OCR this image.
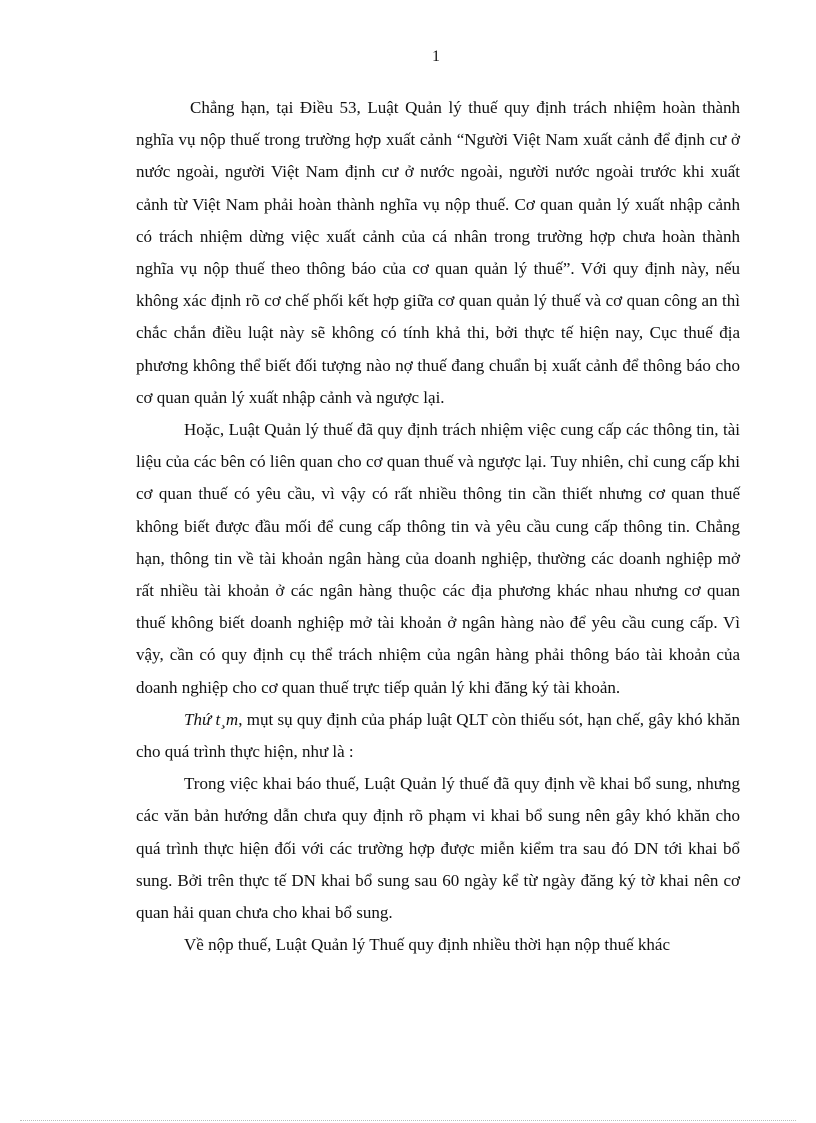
1

Chẳng hạn, tại Điều 53, Luật Quản lý thuế quy định trách nhiệm hoàn thành nghĩa vụ nộp thuế trong trường hợp xuất cảnh “Người Việt Nam xuất cảnh để định cư ở nước ngoài, người Việt Nam định cư ở nước ngoài, người nước ngoài trước khi xuất cảnh từ Việt Nam phải hoàn thành nghĩa vụ nộp thuế. Cơ quan quản lý xuất nhập cảnh có trách nhiệm dừng việc xuất cảnh của cá nhân trong trường hợp chưa hoàn thành nghĩa vụ nộp thuế theo thông báo của cơ quan quản lý thuế”. Với quy định này, nếu không xác định rõ cơ chế phối kết hợp giữa cơ quan quản lý thuế và cơ quan công an thì chắc chắn điều luật này sẽ không có tính khả thi, bởi thực tế hiện nay, Cục thuế địa phương không thể biết đối tượng nào nợ thuế đang chuẩn bị xuất cảnh để thông báo cho cơ quan quản lý xuất nhập cảnh và ngược lại.

Hoặc, Luật Quản lý thuế đã quy định trách nhiệm việc cung cấp các thông tin, tài liệu của các bên có liên quan cho cơ quan thuế và ngược lại. Tuy nhiên, chỉ cung cấp khi cơ quan thuế có yêu cầu, vì vậy có rất nhiều thông tin cần thiết nhưng cơ quan thuế không biết được đầu mối để cung cấp thông tin và yêu cầu cung cấp thông tin. Chẳng hạn, thông tin về tài khoản ngân hàng của doanh nghiệp, thường các doanh nghiệp mở rất nhiều tài khoản ở các ngân hàng thuộc các địa phương khác nhau nhưng cơ quan thuế không biết doanh nghiệp mở tài khoản ở ngân hàng nào để yêu cầu cung cấp. Vì vậy, cần có quy định cụ thể trách nhiệm của ngân hàng phải thông báo tài khoản của doanh nghiệp cho cơ quan thuế trực tiếp quản lý khi đăng ký tài khoản.

Thứ t¸m, mụt sụ quy định của pháp luật QLT còn thiếu sót, hạn chế, gây khó khăn cho quá trình thực hiện, như là :

Trong việc khai báo thuế, Luật Quản lý thuế đã quy định về khai bổ sung, nhưng các văn bản hướng dẫn chưa quy định rõ phạm vi khai bổ sung nên gây khó khăn cho quá trình thực hiện đối với các trường hợp được miễn kiểm tra sau đó DN tới khai bổ sung. Bởi trên thực tế DN khai bổ sung sau 60 ngày kể từ ngày đăng ký tờ khai nên cơ quan hải quan chưa cho khai bổ sung.

Về nộp thuế, Luật Quản lý Thuế quy định nhiều thời hạn nộp thuế khác
